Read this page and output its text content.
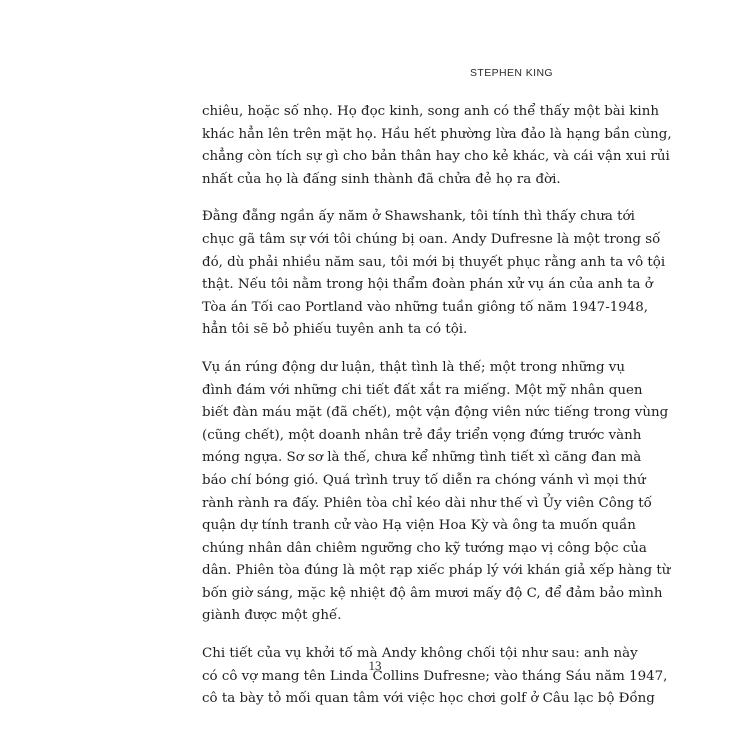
STEPHEN KING
chiêu, hoặc số nhọ. Họ đọc kinh, song anh có thể thấy một bài kinh
khác hẳn lên trên mặt họ. Hầu hết phường lừa đảo là hạng bần cùng,
chẳng còn tích sự gì cho bản thân hay cho kẻ khác, và cái vận xui rủi
nhất của họ là đấng sinh thành đã chửa đẻ họ ra đời.
Đằng đẵng ngần ấy năm ở Shawshank, tôi tính thì thấy chưa tới
chục gã tâm sự với tôi chúng bị oan. Andy Dufresne là một trong số
đó, dù phải nhiều năm sau, tôi mới bị thuyết phục rằng anh ta vô tội
thật. Nếu tôi nằm trong hội thẩm đoàn phán xử vụ án của anh ta ở
Tòa án Tối cao Portland vào những tuần giông tố năm 1947-1948,
hẳn tôi sẽ bỏ phiếu tuyên anh ta có tội.
Vụ án rúng động dư luận, thật tình là thế; một trong những vụ
đình đám với những chi tiết đất xắt ra miếng. Một mỹ nhân quen
biết đàn máu mặt (đã chết), một vận động viên nức tiếng trong vùng
(cũng chết), một doanh nhân trẻ đầy triển vọng đứng trước vành
móng ngựa. Sơ sơ là thế, chưa kể những tình tiết xì căng đan mà
báo chí bóng gió. Quá trình truy tố diễn ra chóng vánh vì mọi thứ
rành rành ra đấy. Phiên tòa chỉ kéo dài như thế vì Ủy viên Công tố
quận dự tính tranh cử vào Hạ viện Hoa Kỳ và ông ta muốn quần
chúng nhân dân chiêm ngưỡng cho kỹ tướng mạo vị công bộc của
dân. Phiên tòa đúng là một rạp xiếc pháp lý với khán giả xếp hàng từ
bốn giờ sáng, mặc kệ nhiệt độ âm mươi mấy độ C, để đảm bảo mình
giành được một ghế.
Chi tiết của vụ khởi tố mà Andy không chối tội như sau: anh này
có cô vợ mang tên Linda Collins Dufresne; vào tháng Sáu năm 1947,
cô ta bày tỏ mối quan tâm với việc học chơi golf ở Câu lạc bộ Đồng
13
